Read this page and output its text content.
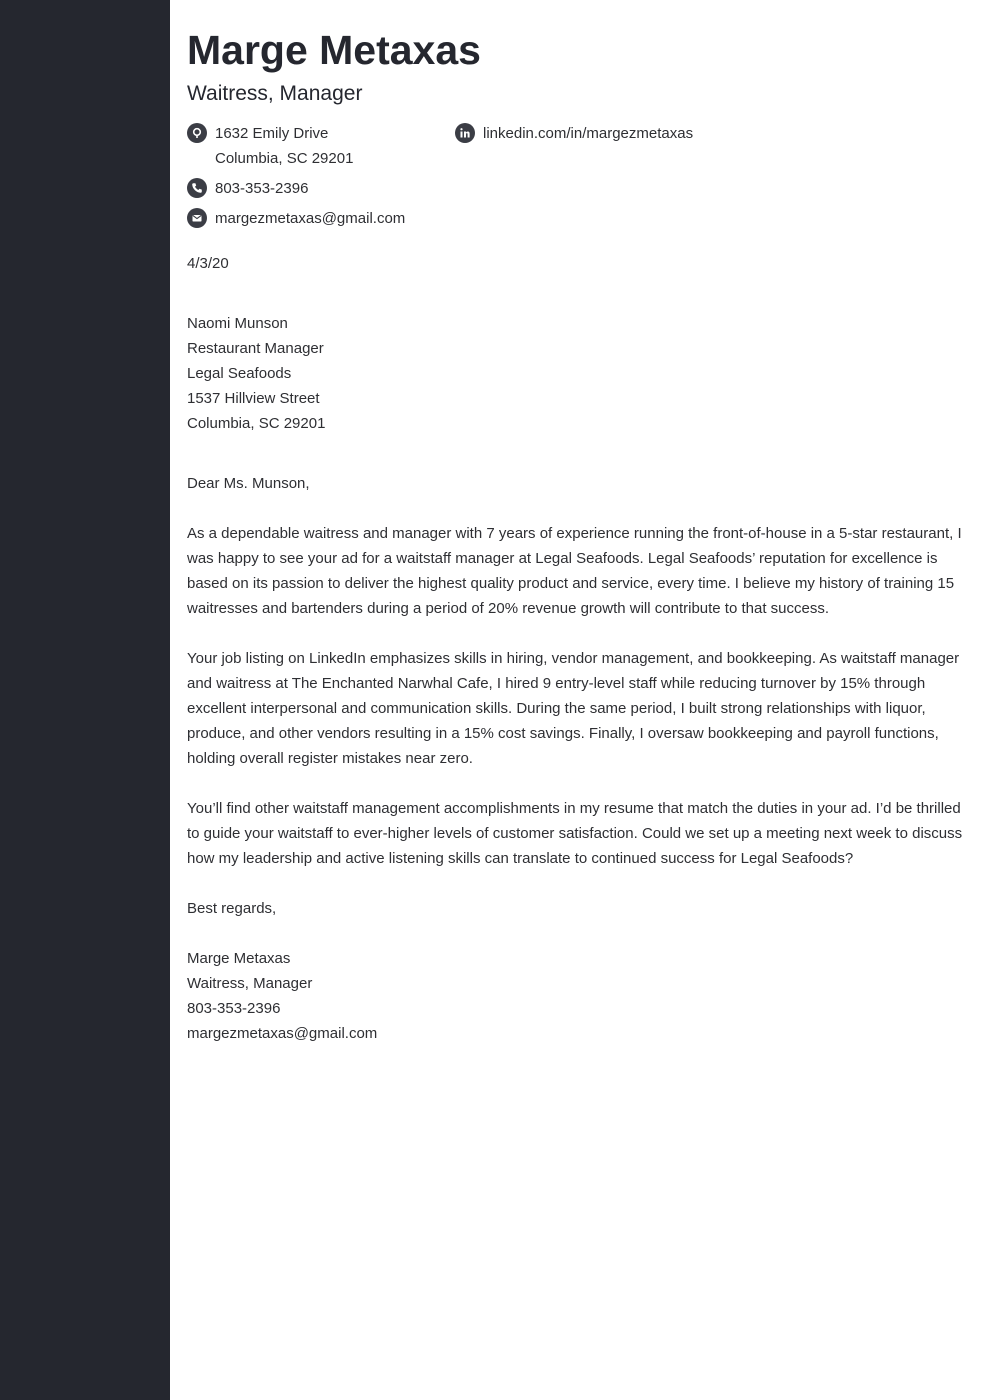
Marge Metaxas
Waitress, Manager
1632 Emily Drive
Columbia, SC 29201
linkedin.com/in/margezmetaxas
803-353-2396
margezmetaxas@gmail.com
4/3/20
Naomi Munson
Restaurant Manager
Legal Seafoods
1537 Hillview Street
Columbia, SC 29201
Dear Ms. Munson,

As a dependable waitress and manager with 7 years of experience running the front-of-house in a 5-star restaurant, I was happy to see your ad for a waitstaff manager at Legal Seafoods. Legal Seafoods’ reputation for excellence is based on its passion to deliver the highest quality product and service, every time. I believe my history of training 15 waitresses and bartenders during a period of 20% revenue growth will contribute to that success.

Your job listing on LinkedIn emphasizes skills in hiring, vendor management, and bookkeeping. As waitstaff manager and waitress at The Enchanted Narwhal Cafe, I hired 9 entry-level staff while reducing turnover by 15% through excellent interpersonal and communication skills. During the same period, I built strong relationships with liquor, produce, and other vendors resulting in a 15% cost savings. Finally, I oversaw bookkeeping and payroll functions, holding overall register mistakes near zero.

You’ll find other waitstaff management accomplishments in my resume that match the duties in your ad. I’d be thrilled to guide your waitstaff to ever-higher levels of customer satisfaction. Could we set up a meeting next week to discuss how my leadership and active listening skills can translate to continued success for Legal Seafoods?

Best regards,
Marge Metaxas
Waitress, Manager
803-353-2396
margezmetaxas@gmail.com
